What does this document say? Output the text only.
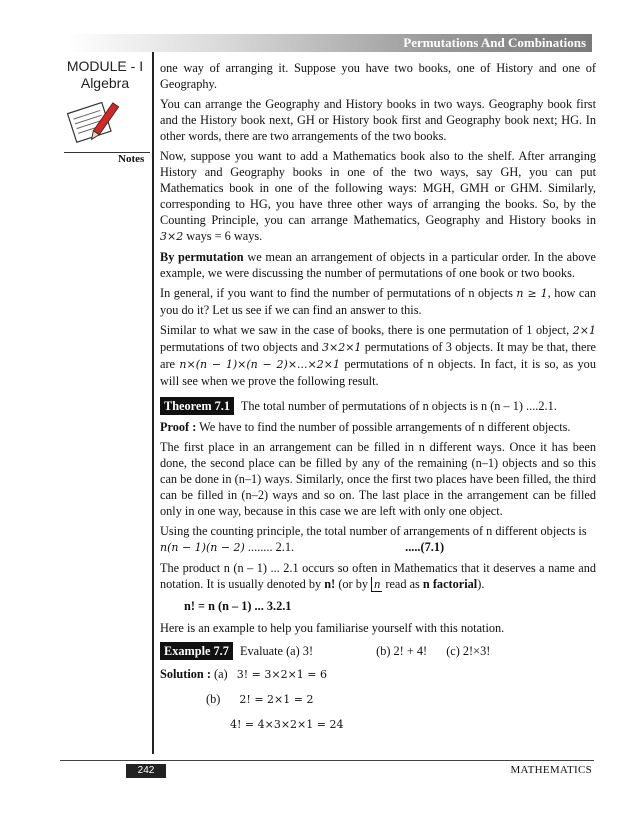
Permutations And Combinations
MODULE - I
Algebra
Notes

one way of arranging it. Suppose you have two books, one of History and one of Geography.

You can arrange the Geography and History books in two ways. Geography book first and the History book next, GH or History book first and Geography book next; HG. In other words, there are two arrangements of the two books.

Now, suppose you want to add a Mathematics book also to the shelf. After arranging History and Geography books in one of the two ways, say GH, you can put Mathematics book in one of the following ways: MGH, GMH or GHM. Similarly, corresponding to HG, you have three other ways of arranging the books. So, by the Counting Principle, you can arrange Mathematics, Geography and History books in 3×2 ways = 6 ways.

By permutation we mean an arrangement of objects in a particular order. In the above example, we were discussing the number of permutations of one book or two books.

In general, if you want to find the number of permutations of n objects n ≥ 1, how can you do it? Let us see if we can find an answer to this.

Similar to what we saw in the case of books, there is one permutation of 1 object, 2×1 permutations of two objects and 3×2×1 permutations of 3 objects. It may be that, there are n×(n − 1)×(n − 2)×...×2×1 permutations of n objects. In fact, it is so, as you will see when we prove the following result.

Theorem 7.1 The total number of permutations of n objects is n (n – 1) ....2.1.

Proof : We have to find the number of possible arrangements of n different objects.

The first place in an arrangement can be filled in n different ways. Once it has been done, the second place can be filled by any of the remaining (n–1) objects and so this can be done in (n–1) ways. Similarly, once the first two places have been filled, the third can be filled in (n–2) ways and so on. The last place in the arrangement can be filled only in one way, because in this case we are left with only one object.

Using the counting principle, the total number of arrangements of n different objects is
n(n − 1)(n − 2) ........ 2.1.	.....(7.1)

The product n (n – 1) ... 2.1 occurs so often in Mathematics that it deserves a name and notation. It is usually denoted by n! (or by n read as n factorial).

n! = n (n – 1) ... 3.2.1

Here is an example to help you familiarise yourself with this notation.

Example 7.7 Evaluate (a) 3!	(b) 2! + 4! (c) 2!×3!

Solution : (a) 3! = 3×2×1 = 6

(b) 2! = 2×1 = 2

4! = 4×3×2×1 = 24

242	MATHEMATICS
